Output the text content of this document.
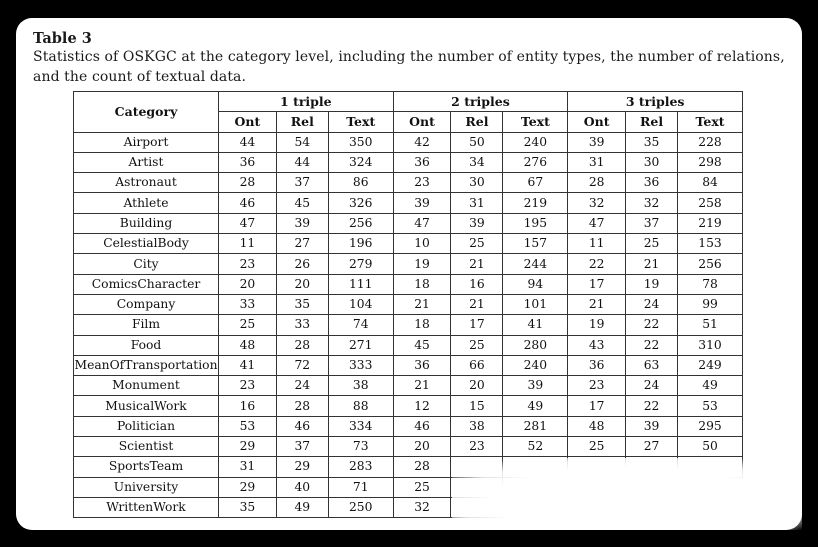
Table 3
Statistics of OSKGC at the category level, including the number of entity types, the number of relations, and the count of textual data.
Category	1 triple			2 triples			3 triples		
	Ont	Rel	Text	Ont	Rel	Text	Ont	Rel	Text
Airport	44	54	350	42	50	240	39	35	228
Artist	36	44	324	36	34	276	31	30	298
Astronaut	28	37	86	23	30	67	28	36	84
Athlete	46	45	326	39	31	219	32	32	258
Building	47	39	256	47	39	195	47	37	219
CelestialBody	11	27	196	10	25	157	11	25	153
City	23	26	279	19	21	244	22	21	256
ComicsCharacter	20	20	111	18	16	94	17	19	78
Company	33	35	104	21	21	101	21	24	99
Film	25	33	74	18	17	41	19	22	51
Food	48	28	271	45	25	280	43	22	310
MeanOfTransportation	41	72	333	36	66	240	36	63	249
Monument	23	24	38	21	20	39	23	24	49
MusicalWork	16	28	88	12	15	49	17	22	53
Politician	53	46	334	46	38	281	48	39	295
Scientist	29	37	73	20	23	52	25	27	50
SportsTeam	31	29	283	28					
University	29	40	71	25					
WrittenWork	35	49	250	32					
